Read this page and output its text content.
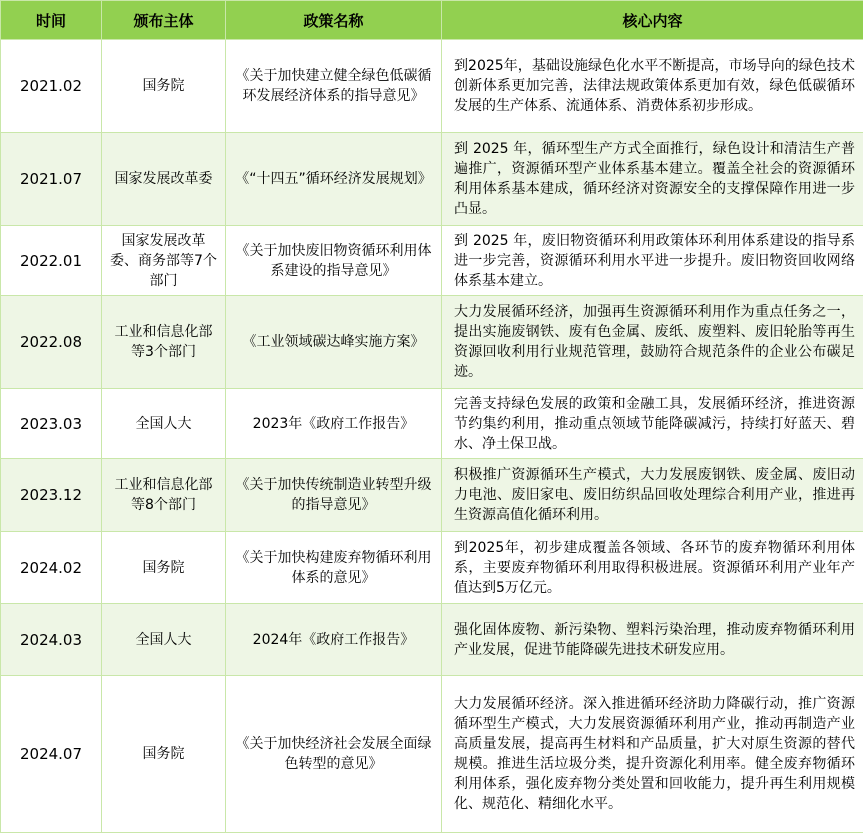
时间	颁布主体	政策名称	核心内容
2021.02	国务院	《关于加快建立健全绿色低碳循环发展经济体系的指导意见》	到2025年，基础设施绿色化水平不断提高，市场导向的绿色技术创新体系更加完善，法律法规政策体系更加有效，绿色低碳循环发展的生产体系、流通体系、消费体系初步形成。
2021.07	国家发展改革委	《“十四五”循环经济发展规划》	到 2025 年，循环型生产方式全面推行，绿色设计和清洁生产普遍推广，资源循环型产业体系基本建立。覆盖全社会的资源循环利用体系基本建成，循环经济对资源安全的支撑保障作用进一步凸显。
2022.01	国家发展改革委、商务部等7个部门	《关于加快废旧物资循环利用体系建设的指导意见》	到 2025 年，废旧物资循环利用政策体环利用体系建设的指导系进一步完善，资源循环利用水平进一步提升。废旧物资回收网络体系基本建立。
2022.08	工业和信息化部等3个部门	《工业领域碳达峰实施方案》	大力发展循环经济，加强再生资源循环利用作为重点任务之一，提出实施废钢铁、废有色金属、废纸、废塑料、废旧轮胎等再生资源回收利用行业规范管理，鼓励符合规范条件的企业公布碳足迹。
2023.03	全国人大	2023年《政府工作报告》	完善支持绿色发展的政策和金融工具，发展循环经济，推进资源节约集约利用，推动重点领域节能降碳减污，持续打好蓝天、碧水、净土保卫战。
2023.12	工业和信息化部等8个部门	《关于加快传统制造业转型升级的指导意见》	积极推广资源循环生产模式，大力发展废钢铁、废金属、废旧动力电池、废旧家电、废旧纺织品回收处理综合利用产业，推进再生资源高值化循环利用。
2024.02	国务院	《关于加快构建废弃物循环利用体系的意见》	到2025年，初步建成覆盖各领域、各环节的废弃物循环利用体系，主要废弃物循环利用取得积极进展。资源循环利用产业年产值达到5万亿元。
2024.03	全国人大	2024年《政府工作报告》	强化固体废物、新污染物、塑料污染治理，推动废弃物循环利用产业发展，促进节能降碳先进技术研发应用。
2024.07	国务院	《关于加快经济社会发展全面绿色转型的意见》	大力发展循环经济。深入推进循环经济助力降碳行动，推广资源循环型生产模式，大力发展资源循环利用产业，推动再制造产业高质量发展，提高再生材料和产品质量，扩大对原生资源的替代规模。推进生活垃圾分类，提升资源化利用率。健全废弃物循环利用体系，强化废弃物分类处置和回收能力，提升再生利用规模化、规范化、精细化水平。
